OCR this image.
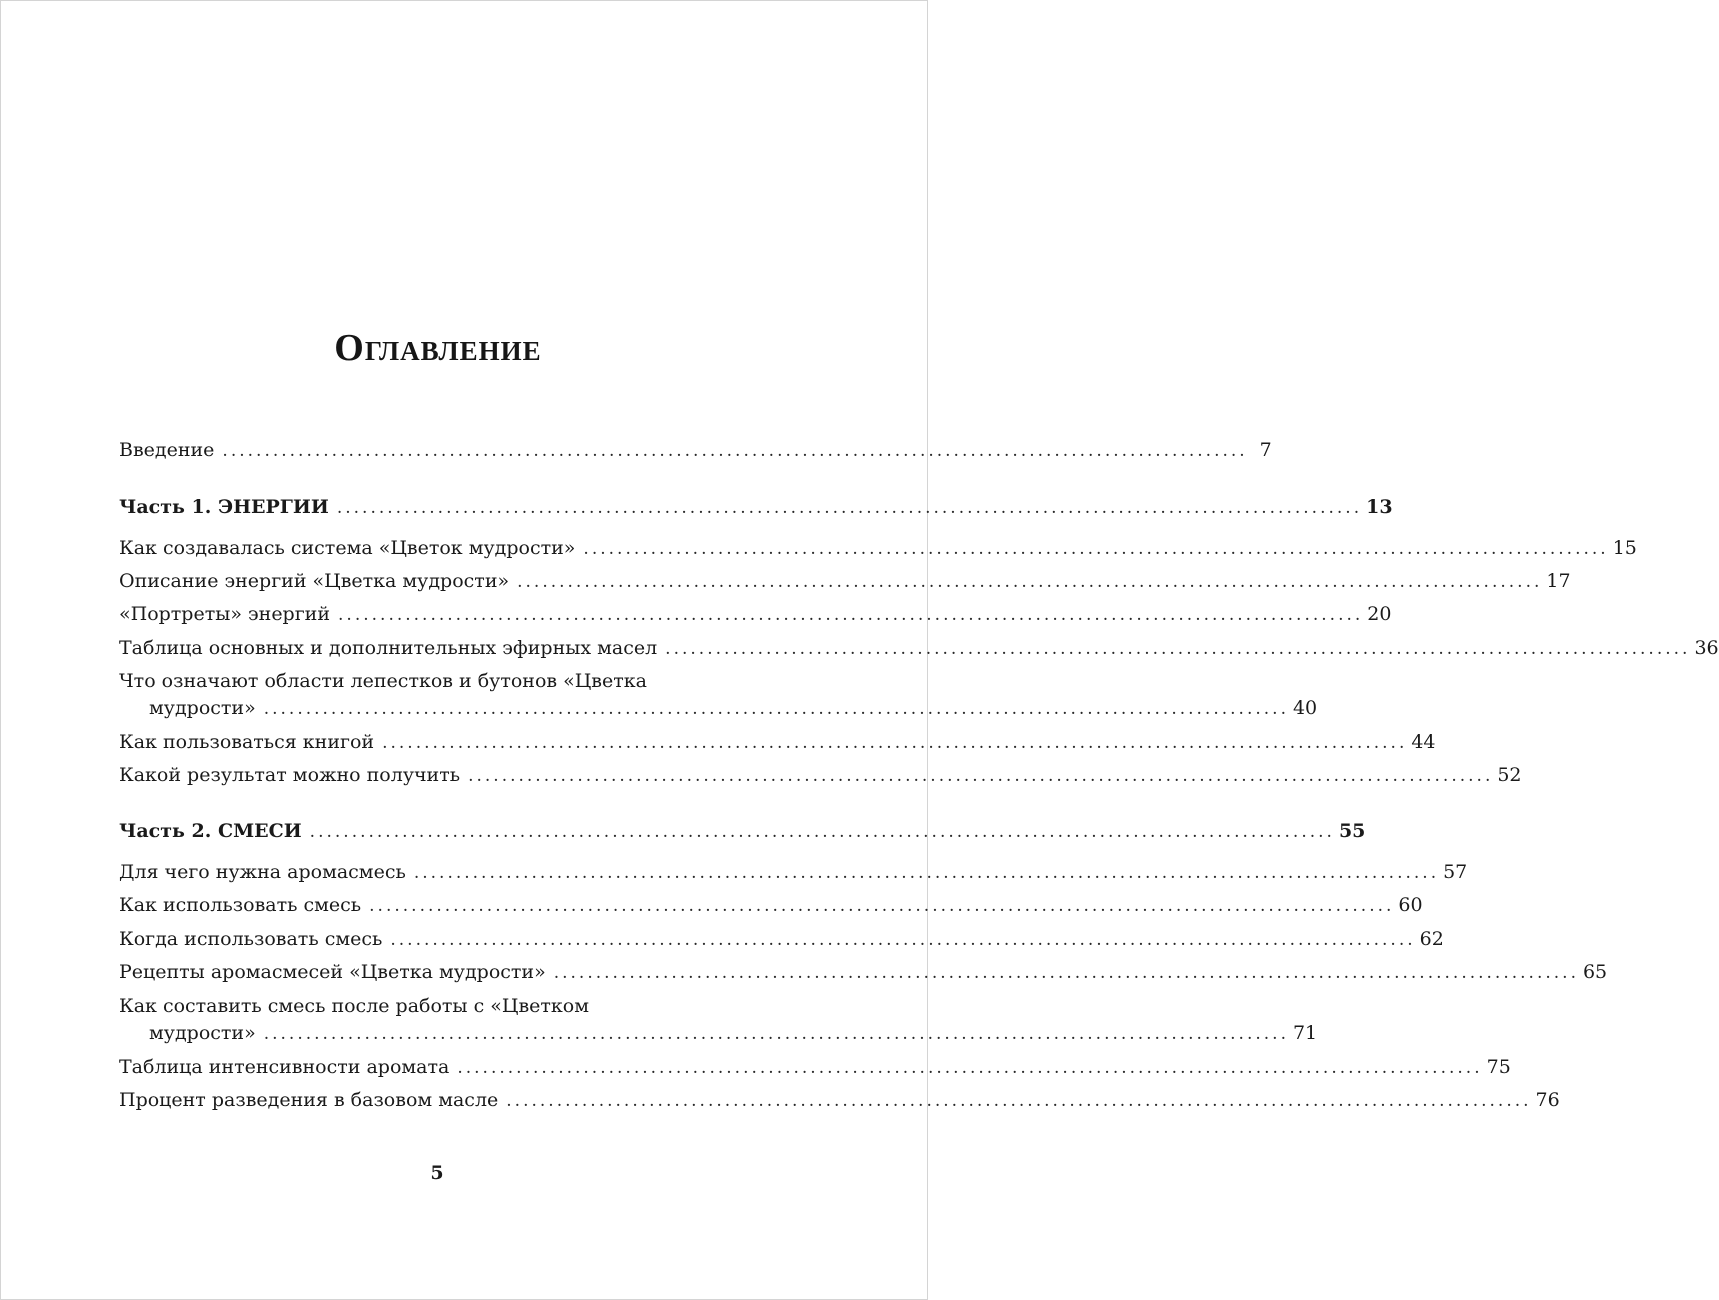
Оглавление
Введение .......................................................................................................................... 7
Часть 1. ЭНЕРГИИ .......................................................................................................................... 13
Как создавалась система «Цветок мудрости» .......................................................................................................................... 15
Описание энергий «Цветка мудрости» .......................................................................................................................... 17
«Портреты» энергий .......................................................................................................................... 20
Таблица основных и дополнительных эфирных масел .......................................................................................................................... 36
Что означают области лепестков и бутонов «Цветка
мудрости» .......................................................................................................................... 40
Как пользоваться книгой .......................................................................................................................... 44
Какой результат можно получить .......................................................................................................................... 52
Часть 2. СМЕСИ .......................................................................................................................... 55
Для чего нужна аромасмесь .......................................................................................................................... 57
Как использовать смесь .......................................................................................................................... 60
Когда использовать смесь .......................................................................................................................... 62
Рецепты аромасмесей «Цветка мудрости» .......................................................................................................................... 65
Как составить смесь после работы с «Цветком
мудрости» .......................................................................................................................... 71
Таблица интенсивности аромата .......................................................................................................................... 75
Процент разведения в базовом масле .......................................................................................................................... 76
5
